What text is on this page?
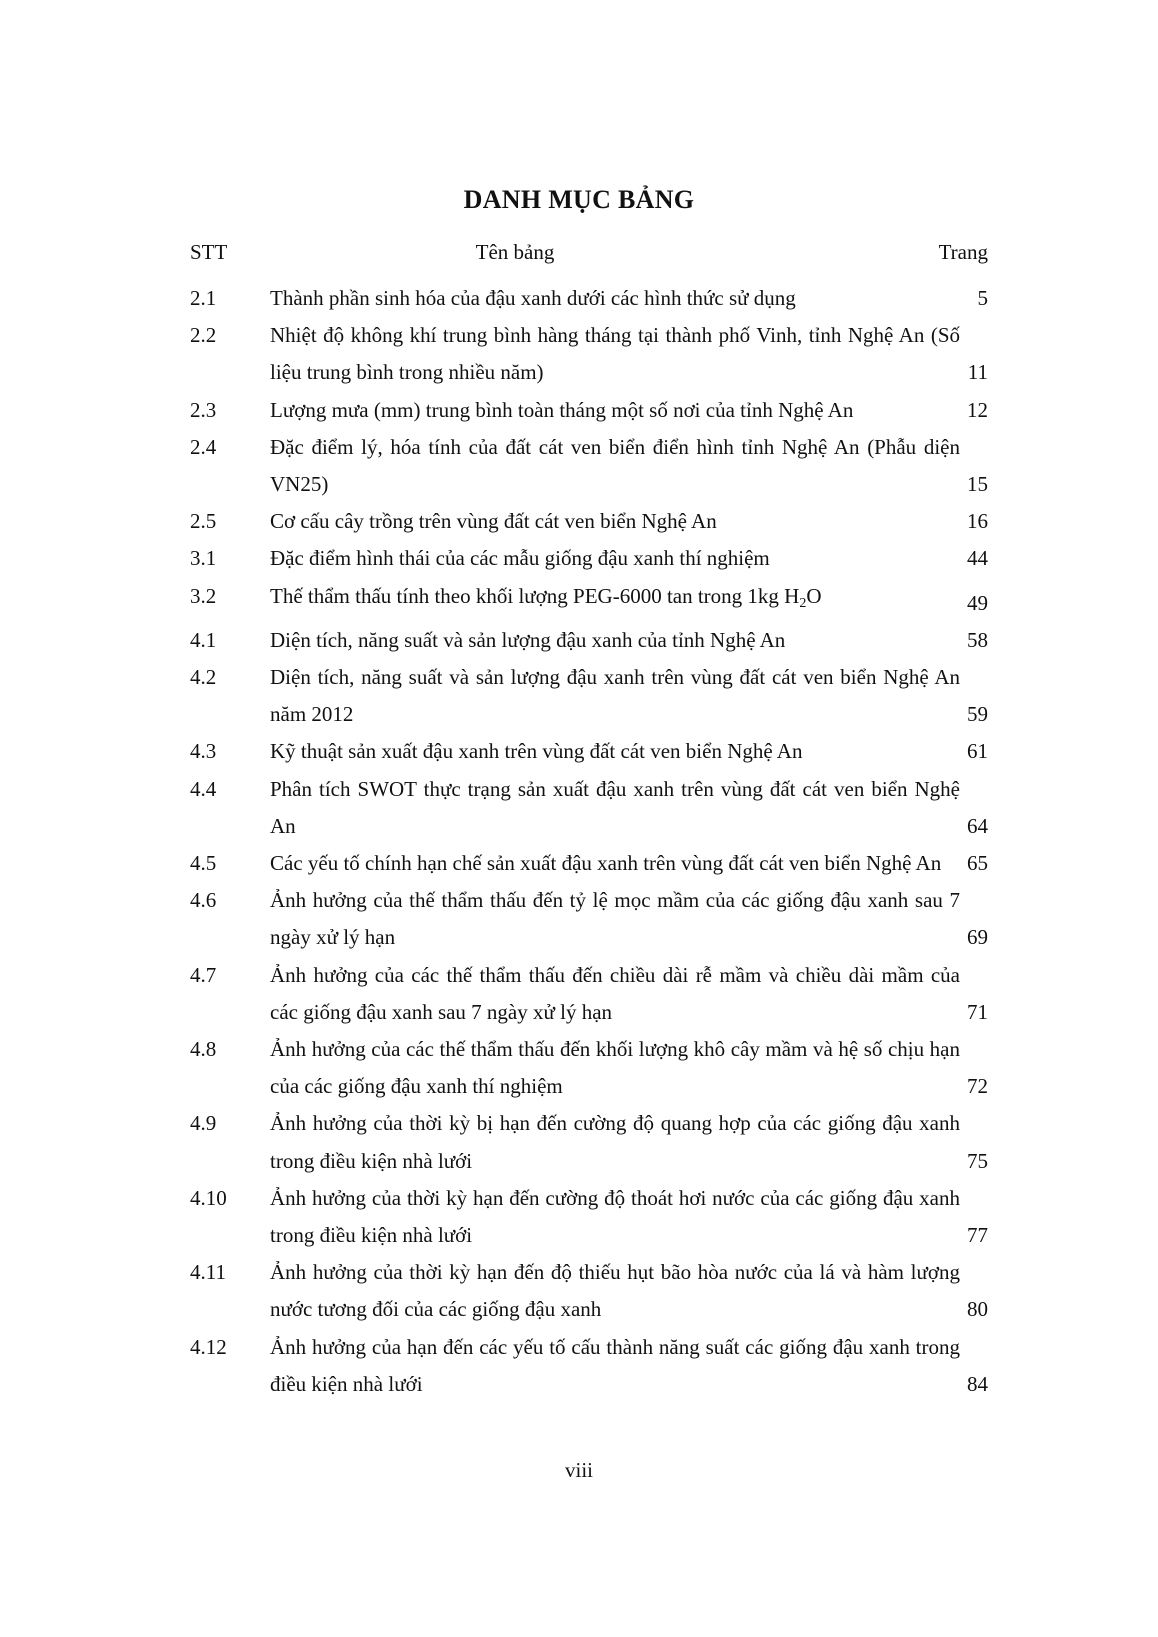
DANH MỤC BẢNG
STT	Tên bảng	Trang
2.1	Thành phần sinh hóa của đậu xanh dưới các hình thức sử dụng	5
2.2	Nhiệt độ không khí trung bình hàng tháng tại thành phố Vinh, tỉnh Nghệ An (Số liệu trung bình trong nhiều năm)	11
2.3	Lượng mưa (mm) trung bình toàn tháng một số nơi của tỉnh Nghệ An	12
2.4	Đặc điểm lý, hóa tính của đất cát ven biển điển hình tỉnh Nghệ An (Phẫu diện VN25)	15
2.5	Cơ cấu cây trồng trên vùng đất cát ven biển Nghệ An	16
3.1	Đặc điểm hình thái của các mẫu giống đậu xanh thí nghiệm	44
3.2	Thế thẩm thấu tính theo khối lượng PEG-6000 tan trong 1kg $H_2O$	49
4.1	Diện tích, năng suất và sản lượng đậu xanh của tỉnh Nghệ An	58
4.2	Diện tích, năng suất và sản lượng đậu xanh trên vùng đất cát ven biển Nghệ An năm 2012	59
4.3	Kỹ thuật sản xuất đậu xanh trên vùng đất cát ven biển Nghệ An	61
4.4	Phân tích SWOT thực trạng sản xuất đậu xanh trên vùng đất cát ven biển Nghệ An	64
4.5	Các yếu tố chính hạn chế sản xuất đậu xanh trên vùng đất cát ven biển Nghệ An	65
4.6	Ảnh hưởng của thế thẩm thấu đến tỷ lệ mọc mầm của các giống đậu xanh sau 7 ngày xử lý hạn	69
4.7	Ảnh hưởng của các thế thẩm thấu đến chiều dài rễ mầm và chiều dài mầm của các giống đậu xanh sau 7 ngày xử lý hạn	71
4.8	Ảnh hưởng của các thế thẩm thấu đến khối lượng khô cây mầm và hệ số chịu hạn của các giống đậu xanh thí nghiệm	72
4.9	Ảnh hưởng của thời kỳ bị hạn đến cường độ quang hợp của các giống đậu xanh trong điều kiện nhà lưới	75
4.10 Ảnh hưởng của thời kỳ hạn đến cường độ thoát hơi nước của các giống đậu xanh trong điều kiện nhà lưới	77
4.11 Ảnh hưởng của thời kỳ hạn đến độ thiếu hụt bão hòa nước của lá và hàm lượng nước tương đối của các giống đậu xanh	80
4.12 Ảnh hưởng của hạn đến các yếu tố cấu thành năng suất các giống đậu xanh trong điều kiện nhà lưới	84
viii
